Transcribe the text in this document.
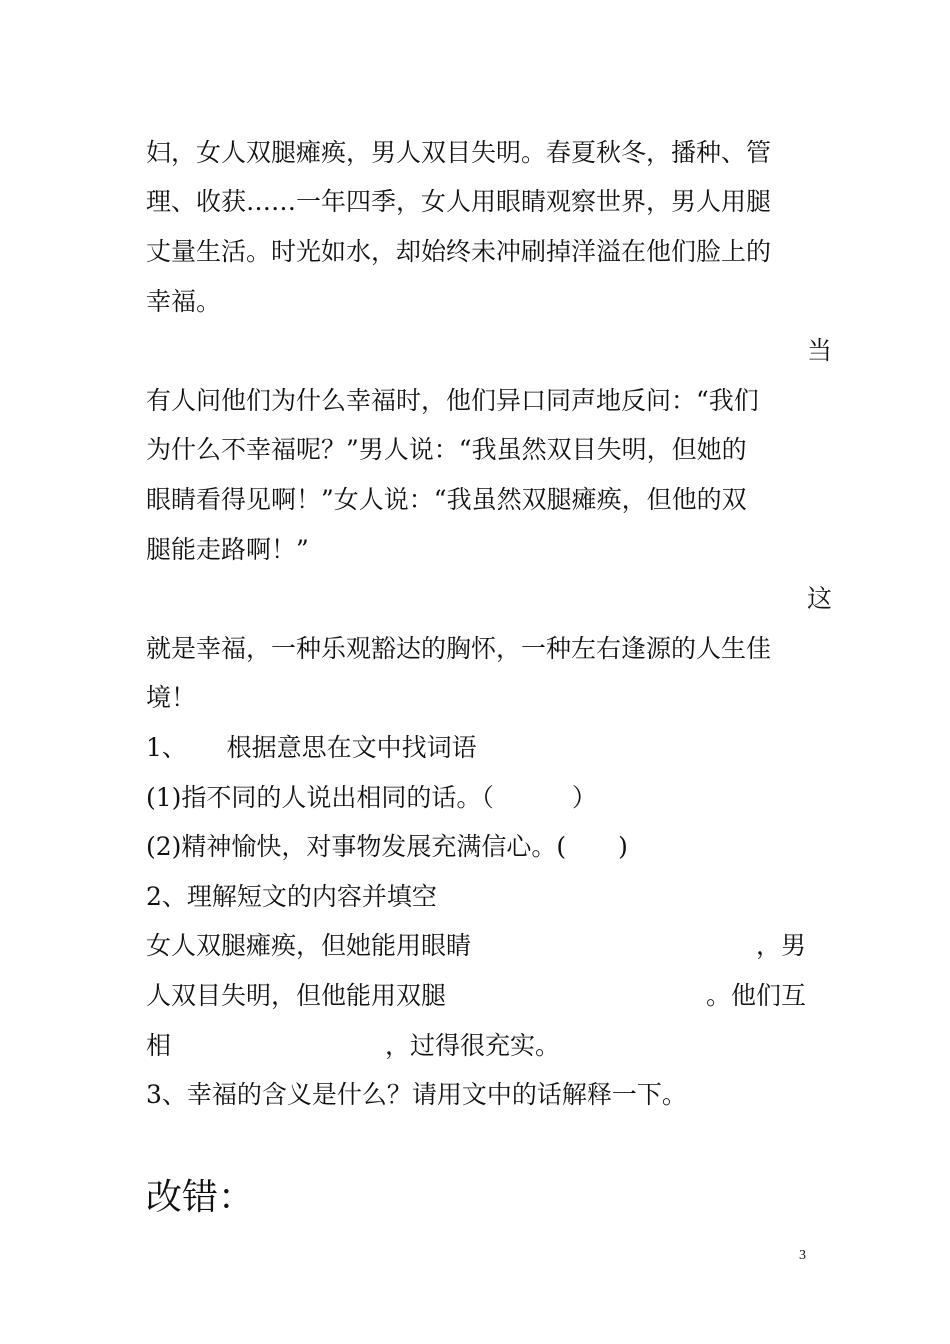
妇，女人双腿瘫痪，男人双目失明。春夏秋冬，播种、管
理、收获……一年四季，女人用眼睛观察世界，男人用腿
丈量生活。时光如水，却始终未冲刷掉洋溢在他们脸上的
幸福。
当
有人问他们为什么幸福时，他们异口同声地反问：“我们
为什么不幸福呢？”男人说：“我虽然双目失明，但她的
眼睛看得见啊！”女人说：“我虽然双腿瘫痪，但他的双
腿能走路啊！”
这
就是幸福，一种乐观豁达的胸怀，一种左右逢源的人生佳
境！
1、     根据意思在文中找词语
(1)指不同的人说出相同的话。（	）
(2)精神愉快，对事物发展充满信心。( )
2、理解短文的内容并填空
女人双腿瘫痪，但她能用眼睛	，男
人双目失明，但他能用双腿	。他们互
相	，过得很充实。
3、幸福的含义是什么？请用文中的话解释一下。
改错：
3
